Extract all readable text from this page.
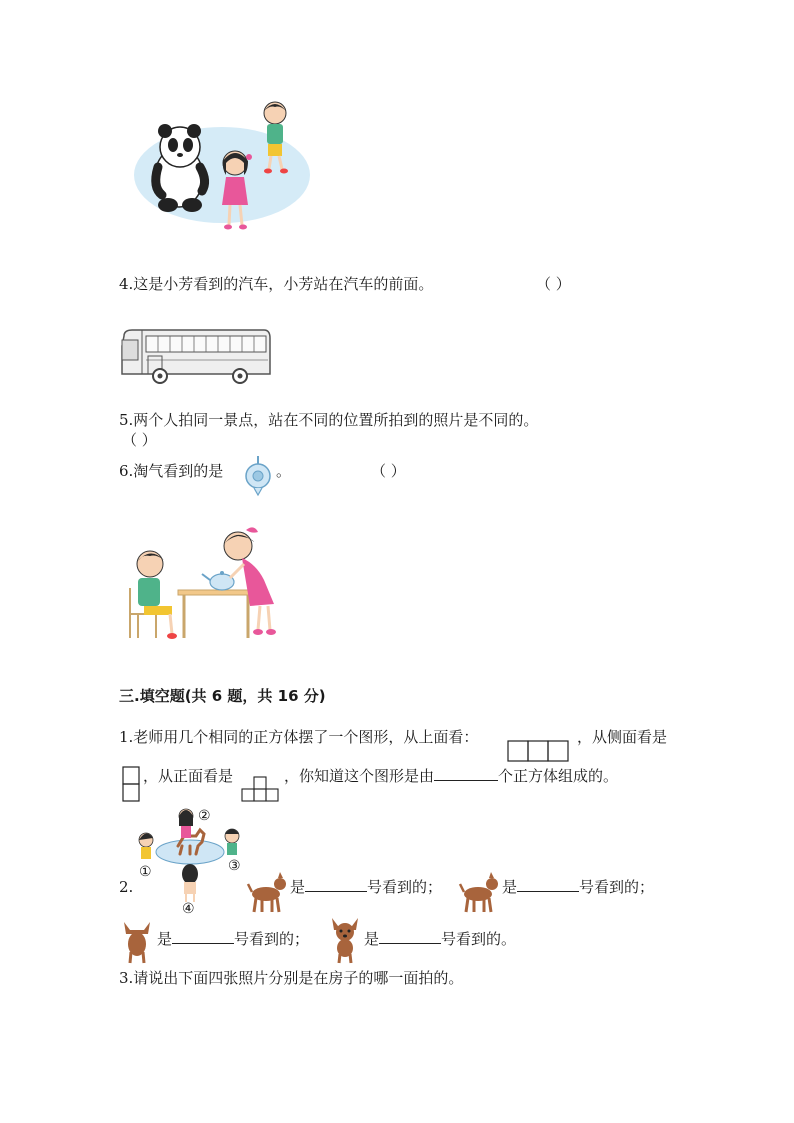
4.这是小芳看到的汽车，小芳站在汽车的前面。	（ ）
5.两个人拍同一景点，站在不同的位置所拍到的照片是不同的。
（ ）
6.淘气看到的是	。	（ ）
三.填空题(共 6 题，共 16 分)
1.老师用几个相同的正方体摆了一个图形，从上面看：	，从侧面看是
，从正面看是	，你知道这个图形是由	个正方体组成的。
②
①	③
④
2.	是	号看到的；	是	号看到的；
是	号看到的；	是	号看到的。
3.请说出下面四张照片分别是在房子的哪一面拍的。
